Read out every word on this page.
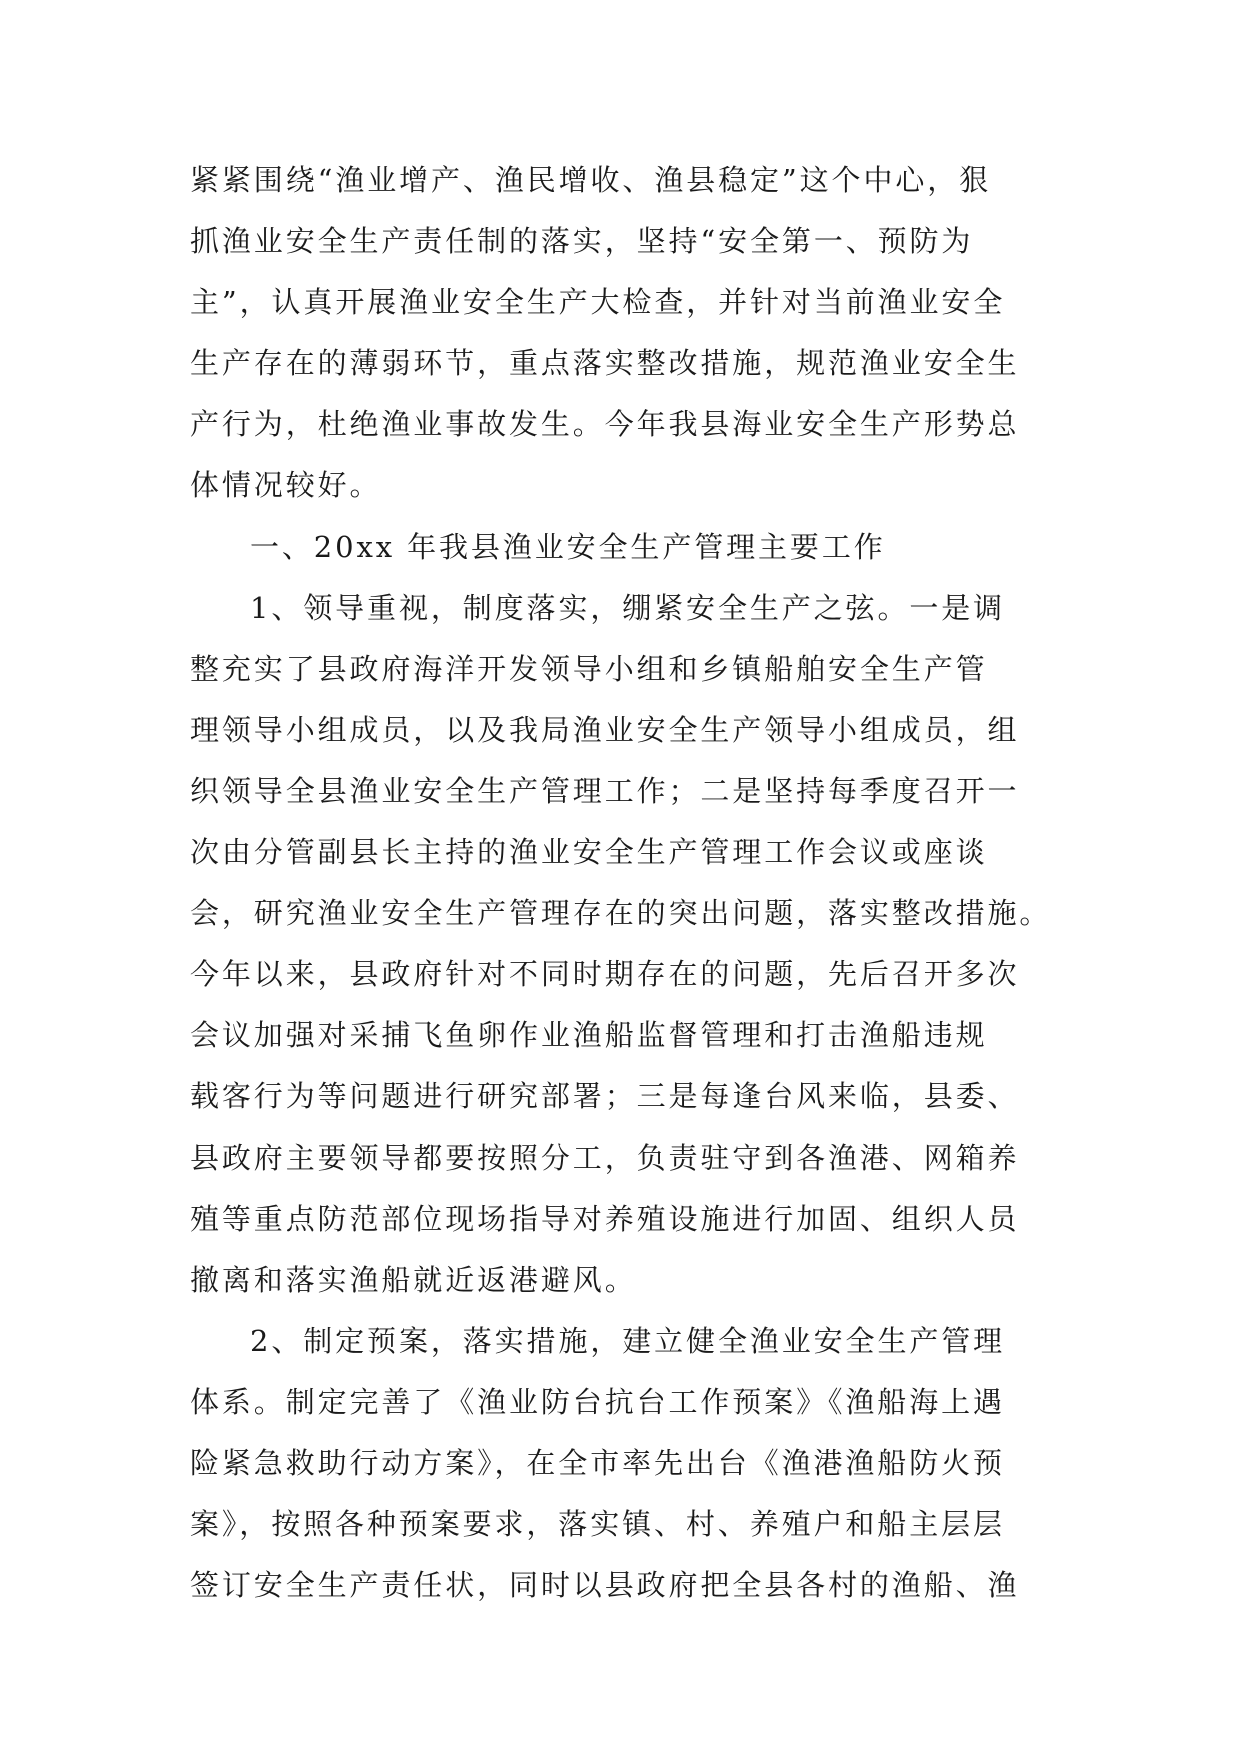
紧紧围绕“渔业增产、渔民增收、渔县稳定”这个中心，狠
抓渔业安全生产责任制的落实，坚持“安全第一、预防为
主”，认真开展渔业安全生产大检查，并针对当前渔业安全
生产存在的薄弱环节，重点落实整改措施，规范渔业安全生
产行为，杜绝渔业事故发生。今年我县海业安全生产形势总
体情况较好。
一、20xx 年我县渔业安全生产管理主要工作
1、领导重视，制度落实，绷紧安全生产之弦。一是调
整充实了县政府海洋开发领导小组和乡镇船舶安全生产管
理领导小组成员，以及我局渔业安全生产领导小组成员，组
织领导全县渔业安全生产管理工作；二是坚持每季度召开一
次由分管副县长主持的渔业安全生产管理工作会议或座谈
会，研究渔业安全生产管理存在的突出问题，落实整改措施。
今年以来，县政府针对不同时期存在的问题，先后召开多次
会议加强对采捕飞鱼卵作业渔船监督管理和打击渔船违规
载客行为等问题进行研究部署；三是每逢台风来临，县委、
县政府主要领导都要按照分工，负责驻守到各渔港、网箱养
殖等重点防范部位现场指导对养殖设施进行加固、组织人员
撤离和落实渔船就近返港避风。
2、制定预案，落实措施，建立健全渔业安全生产管理
体系。制定完善了《渔业防台抗台工作预案》《渔船海上遇
险紧急救助行动方案》，在全市率先出台《渔港渔船防火预
案》，按照各种预案要求，落实镇、村、养殖户和船主层层
签订安全生产责任状，同时以县政府把全县各村的渔船、渔
